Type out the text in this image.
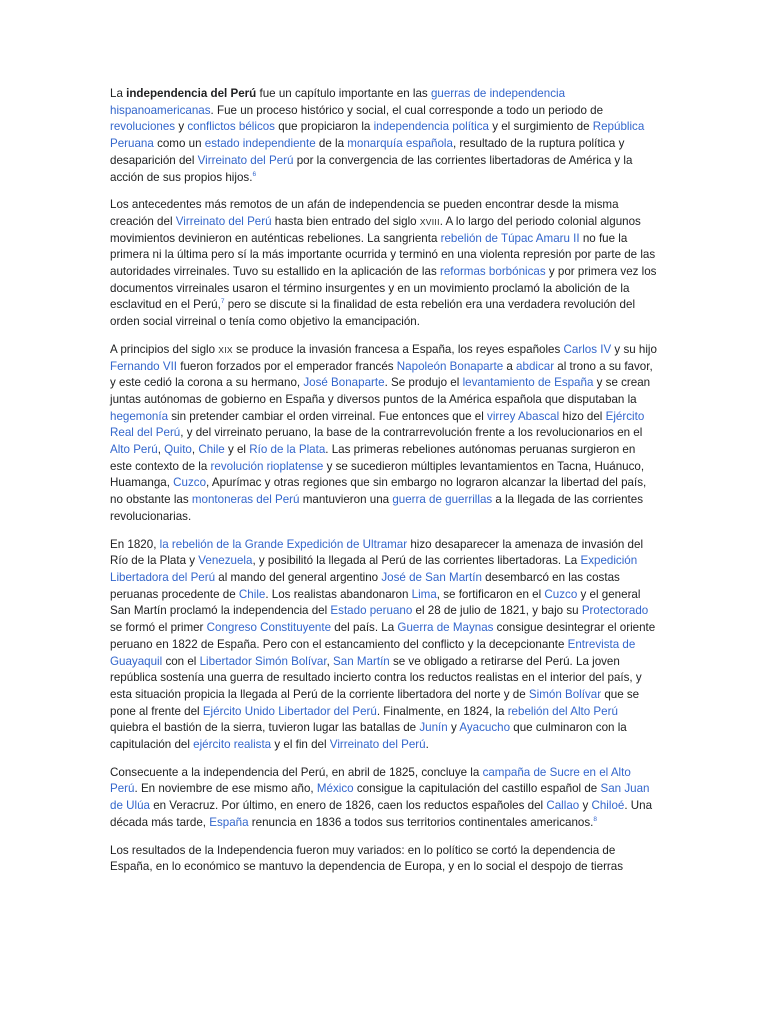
La independencia del Perú fue un capítulo importante en las guerras de independencia hispanoamericanas. Fue un proceso histórico y social, el cual corresponde a todo un periodo de revoluciones y conflictos bélicos que propiciaron la independencia política y el surgimiento de República Peruana como un estado independiente de la monarquía española, resultado de la ruptura política y desaparición del Virreinato del Perú por la convergencia de las corrientes libertadoras de América y la acción de sus propios hijos.$^6$

Los antecedentes más remotos de un afán de independencia se pueden encontrar desde la misma creación del Virreinato del Perú hasta bien entrado del siglo XVIII. A lo largo del periodo colonial algunos movimientos devinieron en auténticas rebeliones. La sangrienta rebelión de Túpac Amaru II no fue la primera ni la última pero sí la más importante ocurrida y terminó en una violenta represión por parte de las autoridades virreinales. Tuvo su estallido en la aplicación de las reformas borbónicas y por primera vez los documentos virreinales usaron el término insurgentes y en un movimiento proclamó la abolición de la esclavitud en el Perú,$^7$ pero se discute si la finalidad de esta rebelión era una verdadera revolución del orden social virreinal o tenía como objetivo la emancipación.

A principios del siglo XIX se produce la invasión francesa a España, los reyes españoles Carlos IV y su hijo Fernando VII fueron forzados por el emperador francés Napoleón Bonaparte a abdicar al trono a su favor, y este cedió la corona a su hermano, José Bonaparte. Se produjo el levantamiento de España y se crean juntas autónomas de gobierno en España y diversos puntos de la América española que disputaban la hegemonía sin pretender cambiar el orden virreinal. Fue entonces que el virrey Abascal hizo del Ejército Real del Perú, y del virreinato peruano, la base de la contrarrevolución frente a los revolucionarios en el Alto Perú, Quito, Chile y el Río de la Plata. Las primeras rebeliones autónomas peruanas surgieron en este contexto de la revolución rioplatense y se sucedieron múltiples levantamientos en Tacna, Huánuco, Huamanga, Cuzco, Apurímac y otras regiones que sin embargo no lograron alcanzar la libertad del país, no obstante las montoneras del Perú mantuvieron una guerra de guerrillas a la llegada de las corrientes revolucionarias.

En 1820, la rebelión de la Grande Expedición de Ultramar hizo desaparecer la amenaza de invasión del Río de la Plata y Venezuela, y posibilitó la llegada al Perú de las corrientes libertadoras. La Expedición Libertadora del Perú al mando del general argentino José de San Martín desembarcó en las costas peruanas procedente de Chile. Los realistas abandonaron Lima, se fortificaron en el Cuzco y el general San Martín proclamó la independencia del Estado peruano el 28 de julio de 1821, y bajo su Protectorado se formó el primer Congreso Constituyente del país. La Guerra de Maynas consigue desintegrar el oriente peruano en 1822 de España. Pero con el estancamiento del conflicto y la decepcionante Entrevista de Guayaquil con el Libertador Simón Bolívar, San Martín se ve obligado a retirarse del Perú. La joven república sostenía una guerra de resultado incierto contra los reductos realistas en el interior del país, y esta situación propicia la llegada al Perú de la corriente libertadora del norte y de Simón Bolívar que se pone al frente del Ejército Unido Libertador del Perú. Finalmente, en 1824, la rebelión del Alto Perú quiebra el bastión de la sierra, tuvieron lugar las batallas de Junín y Ayacucho que culminaron con la capitulación del ejército realista y el fin del Virreinato del Perú.

Consecuente a la independencia del Perú, en abril de 1825, concluye la campaña de Sucre en el Alto Perú. En noviembre de ese mismo año, México consigue la capitulación del castillo español de San Juan de Ulúa en Veracruz. Por último, en enero de 1826, caen los reductos españoles del Callao y Chiloé. Una década más tarde, España renuncia en 1836 a todos sus territorios continentales americanos.$^8$

Los resultados de la Independencia fueron muy variados: en lo político se cortó la dependencia de España, en lo económico se mantuvo la dependencia de Europa, y en lo social el despojo de tierras
